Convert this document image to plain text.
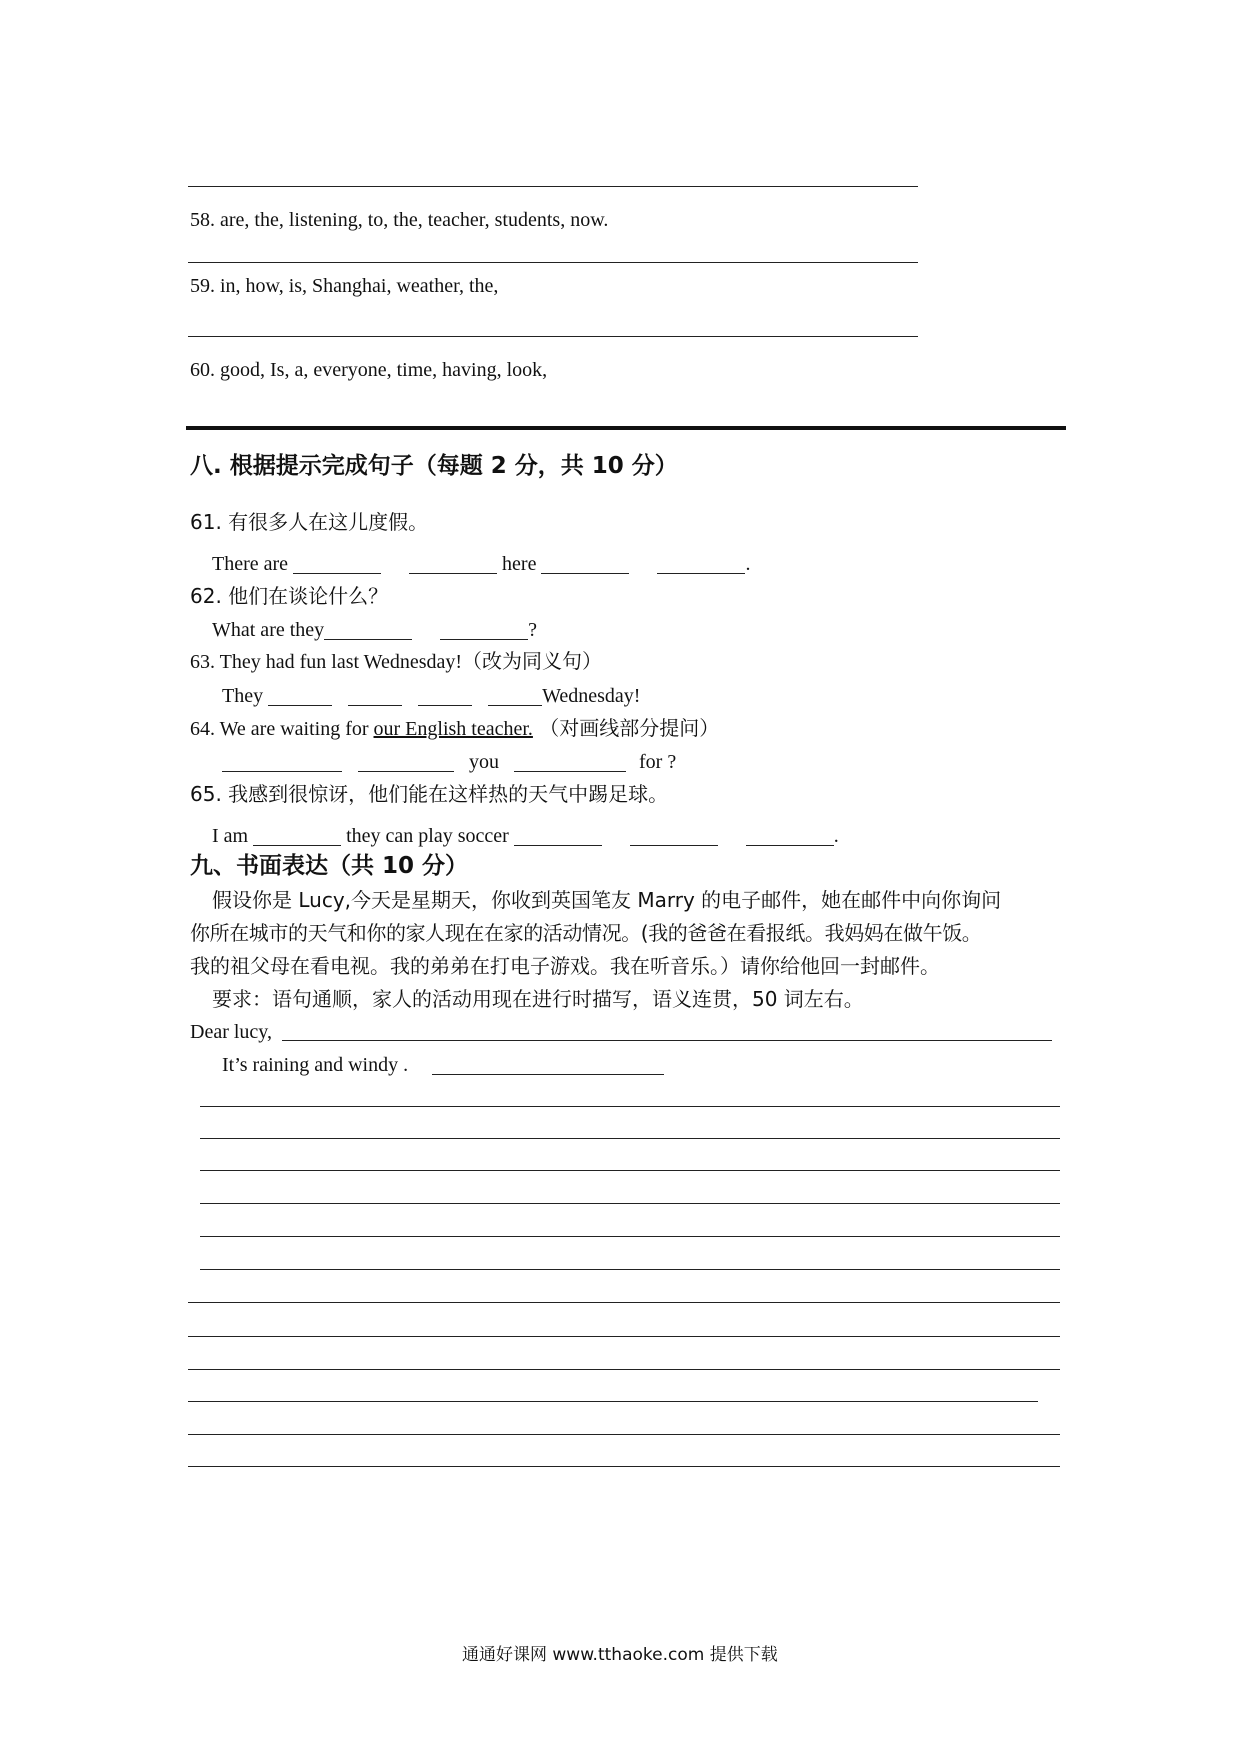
58. are, the, listening, to, the, teacher, students, now.
59. in, how, is, Shanghai, weather, the,
60. good, Is, a, everyone, time, having, look,
八. 根据提示完成句子（每题 2 分，共 10 分）
61. 有很多人在这儿度假。
There are	here	.
62. 他们在谈论什么？
What are they	?
63. They had fun last Wednesday!（改为同义句）
They	Wednesday!
64. We are waiting for our English teacher. （对画线部分提问）
you	for ?
65. 我感到很惊讶，他们能在这样热的天气中踢足球。
I am	they can play soccer	.
九、书面表达（共 10 分）
假设你是 Lucy,今天是星期天，你收到英国笔友 Marry 的电子邮件，她在邮件中向你询问
你所在城市的天气和你的家人现在在家的活动情况。(我的爸爸在看报纸。我妈妈在做午饭。
我的祖父母在看电视。我的弟弟在打电子游戏。我在听音乐。）请你给他回一封邮件。
要求：语句通顺，家人的活动用现在进行时描写，语义连贯，50 词左右。
Dear lucy,
It’s raining and windy .
通通好课网 www.tthaoke.com 提供下载
